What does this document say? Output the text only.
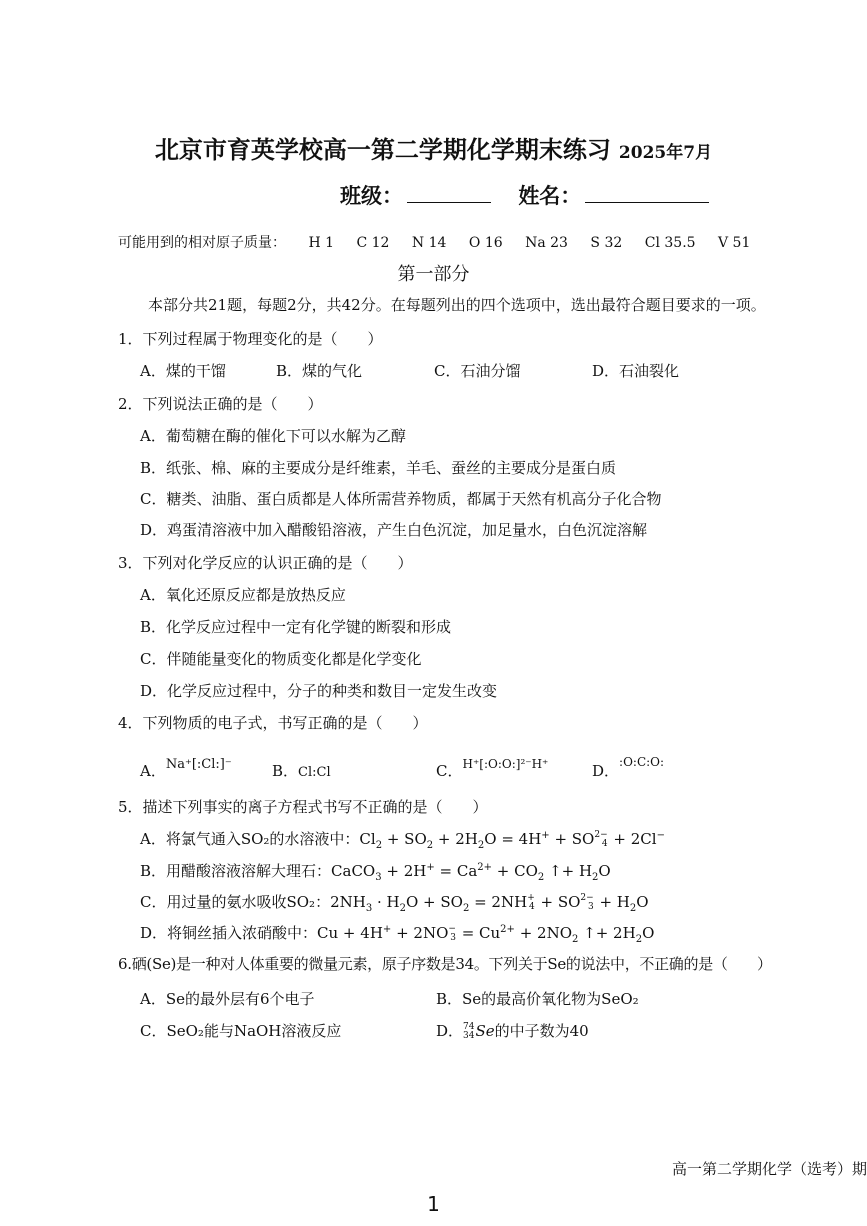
北京市育英学校高一第二学期化学期末练习 2025年7月
班级：	姓名：
可能用到的相对原子质量： H 1 C 12 N 14 O 16 Na 23 S 32 Cl 35.5 V 51
第一部分
本部分共21题，每题2分，共42分。在每题列出的四个选项中，选出最符合题目要求的一项。
1．下列过程属于物理变化的是（　　）
A．煤的干馏	B．煤的气化	C．石油分馏	D．石油裂化
2．下列说法正确的是（　　）
A．葡萄糖在酶的催化下可以水解为乙醇
B．纸张、棉、麻的主要成分是纤维素，羊毛、蚕丝的主要成分是蛋白质
C．糖类、油脂、蛋白质都是人体所需营养物质，都属于天然有机高分子化合物
D．鸡蛋清溶液中加入醋酸铅溶液，产生白色沉淀，加足量水，白色沉淀溶解
3．下列对化学反应的认识正确的是（　　）
A．氧化还原反应都是放热反应
B．化学反应过程中一定有化学键的断裂和形成
C．伴随能量变化的物质变化都是化学变化
D．化学反应过程中，分子的种类和数目一定发生改变
4．下列物质的电子式，书写正确的是（　　）
A．Na⁺[:Cl:]⁻	B．Cl:Cl	C．$^{H^+[:O:O:]^{2-}H^+}$	D．$^{:O:C:O:}$
5．描述下列事实的离子方程式书写不正确的是（　　）
A．将氯气通入SO₂的水溶液中：$Cl_2 + SO_2 + 2H_2O = 4H^+ + SO2-$
4 + 2Cl−
B．用醋酸溶液溶解大理石：CaCO$_3$ + $2H^+ = Ca^{2+} + CO_2$ ↑+ $H_2O$
C．用过量的氨水吸收SO₂：$2NH_3 \cdot H_2O + SO_2 = 2NH+$
4 + SO2−
$3 + H_2O$
D．将铜丝插入浓硝酸中：Cu + 4H+ + 2NO−
$3 = Cu^{2+} + 2NO_2$ ↑+ $2H_2O$
6.硒(Se)是一种对人体重要的微量元素，原子序数是34。下列关于Se的说法中，不正确的是（　　）
A．Se的最外层有6个电子	B．Se的最高价氧化物为SeO₂
C．SeO₂能与NaOH溶液反应	D．74
34Se的中子数为40
高一第二学期化学（选考）期
1
